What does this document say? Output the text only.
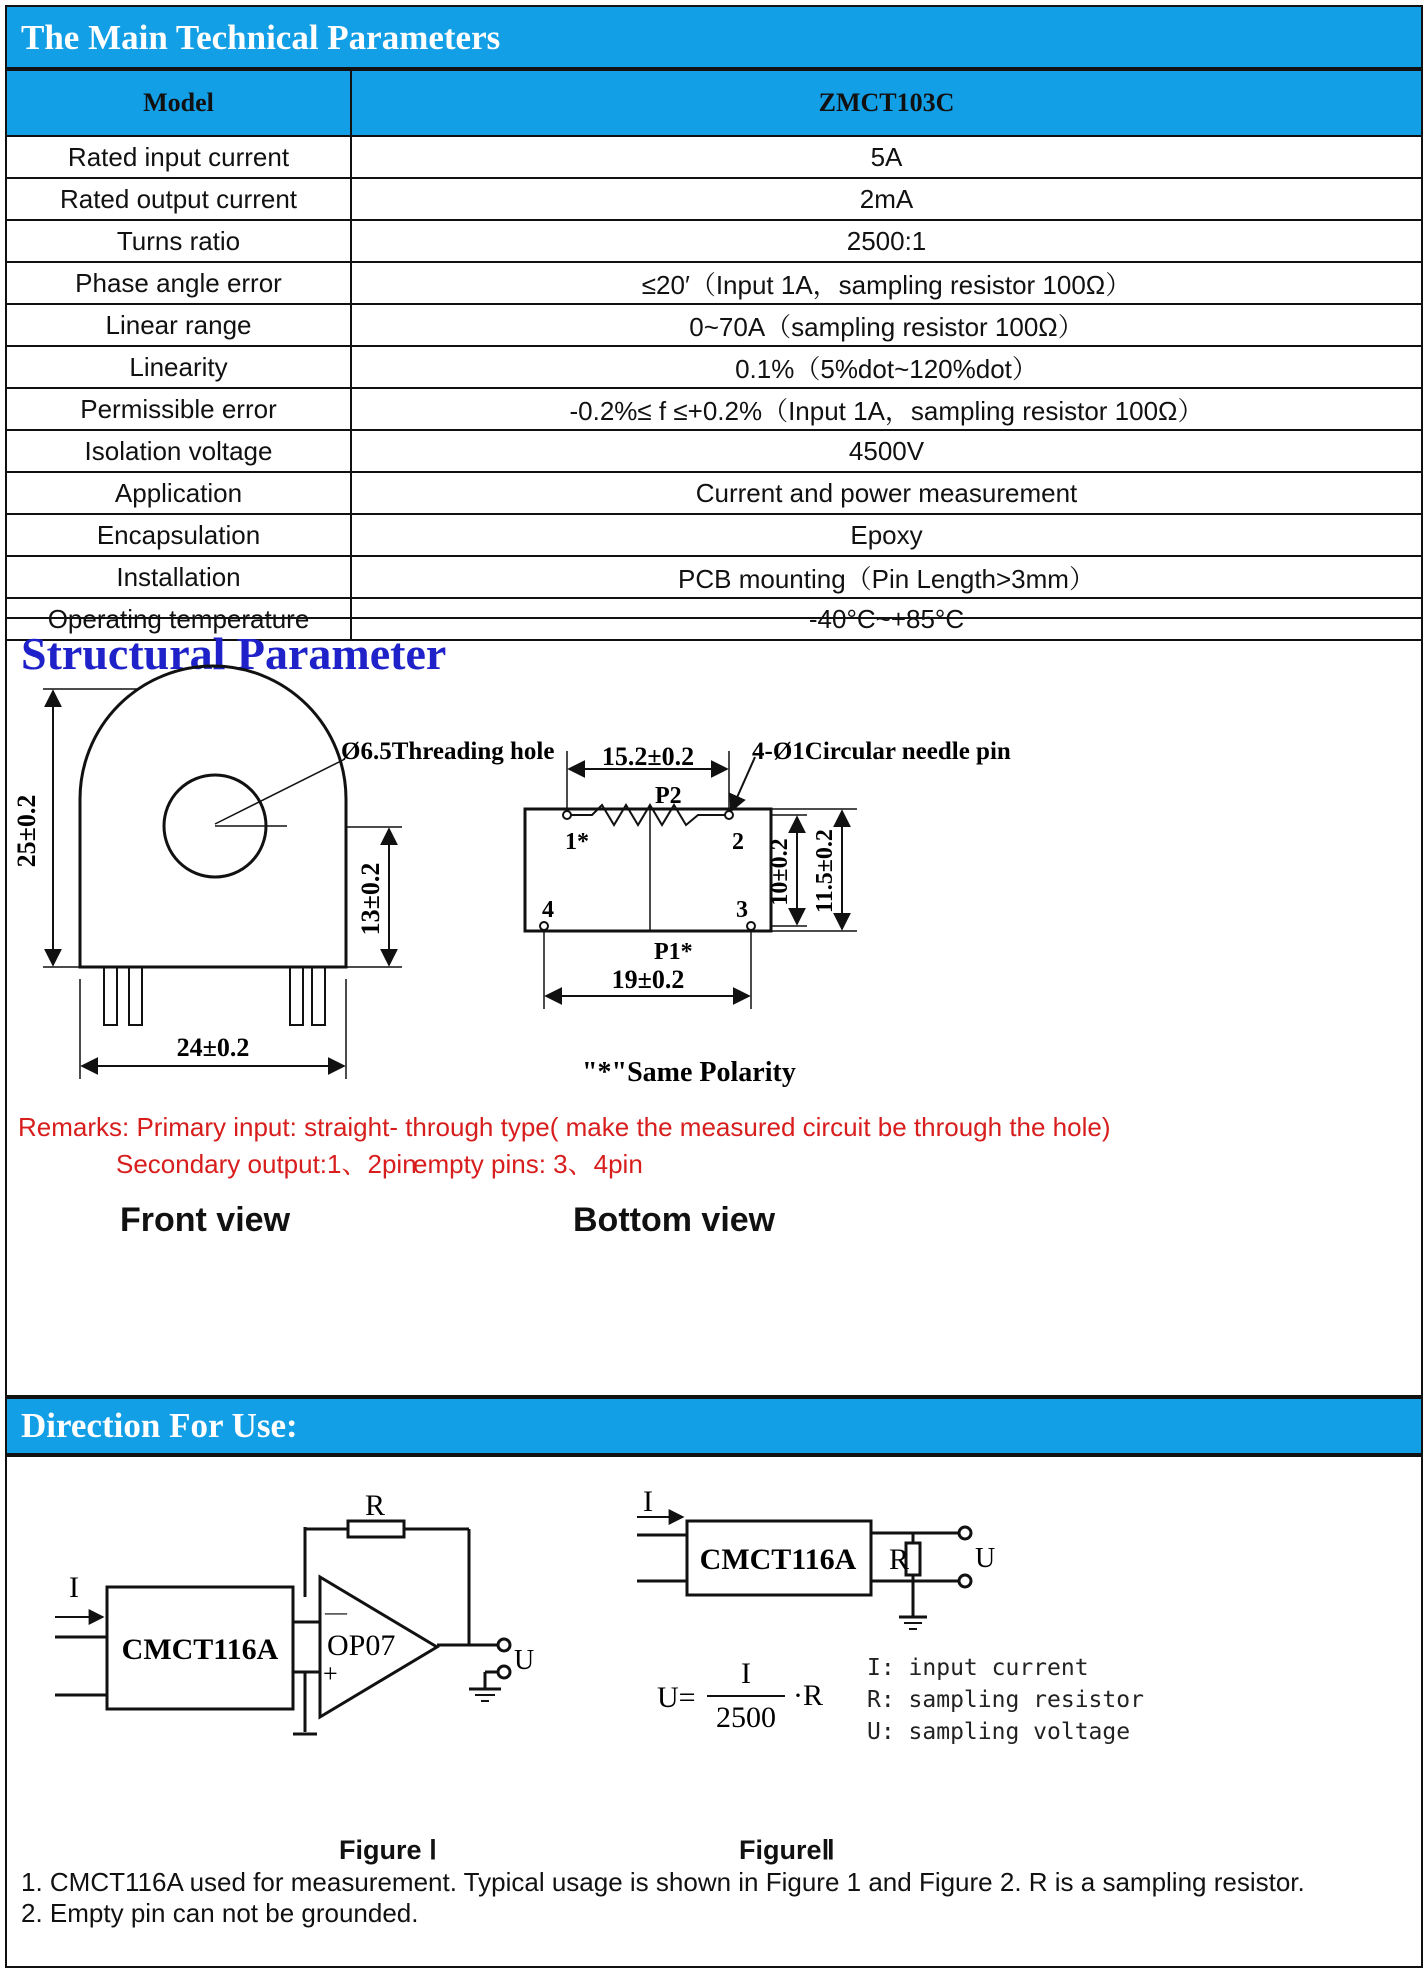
The Main Technical Parameters
Model	ZMCT103C
Rated input current	5A
Rated output current	2mA
Turns ratio	2500:1
Phase angle error	≤20′（Input 1A，sampling resistor 100Ω）
Linear range	0~70A（sampling resistor 100Ω）
Linearity	0.1%（5%dot~120%dot）
Permissible error	-0.2%≤ f ≤+0.2%（Input 1A，sampling resistor 100Ω）
Isolation voltage	4500V
Application	Current and power measurement
Encapsulation	Epoxy
Installation	PCB mounting（Pin Length>3mm）
Operating temperature	-40°C~+85°C
Structural Parameter
25±0.2
13±0.2
24±0.2
Ø6.5Threading hole 15.2±0.2 4-Ø1Circular needle pin
P2
1*	2
4	3
P1*
10±0.2 11.5±0.2
19±0.2
"*"Same Polarity
Remarks: Primary input: straight- through type( make the measured circuit be through the hole)
Secondary output:1、2pin
empty pins: 3、4pin
Front view	Bottom view
Direction For Use:
I
R
U
CMCT116A OP07
—
+
I
R U
CMCT116A
U=
I
2500
·R
I: input current
R: sampling resistor
U: sampling voltage
Figure Ⅰ	FigureⅡ
1. CMCT116A used for measurement. Typical usage is shown in Figure 1 and Figure 2. R is a sampling resistor.
2. Empty pin can not be grounded.
